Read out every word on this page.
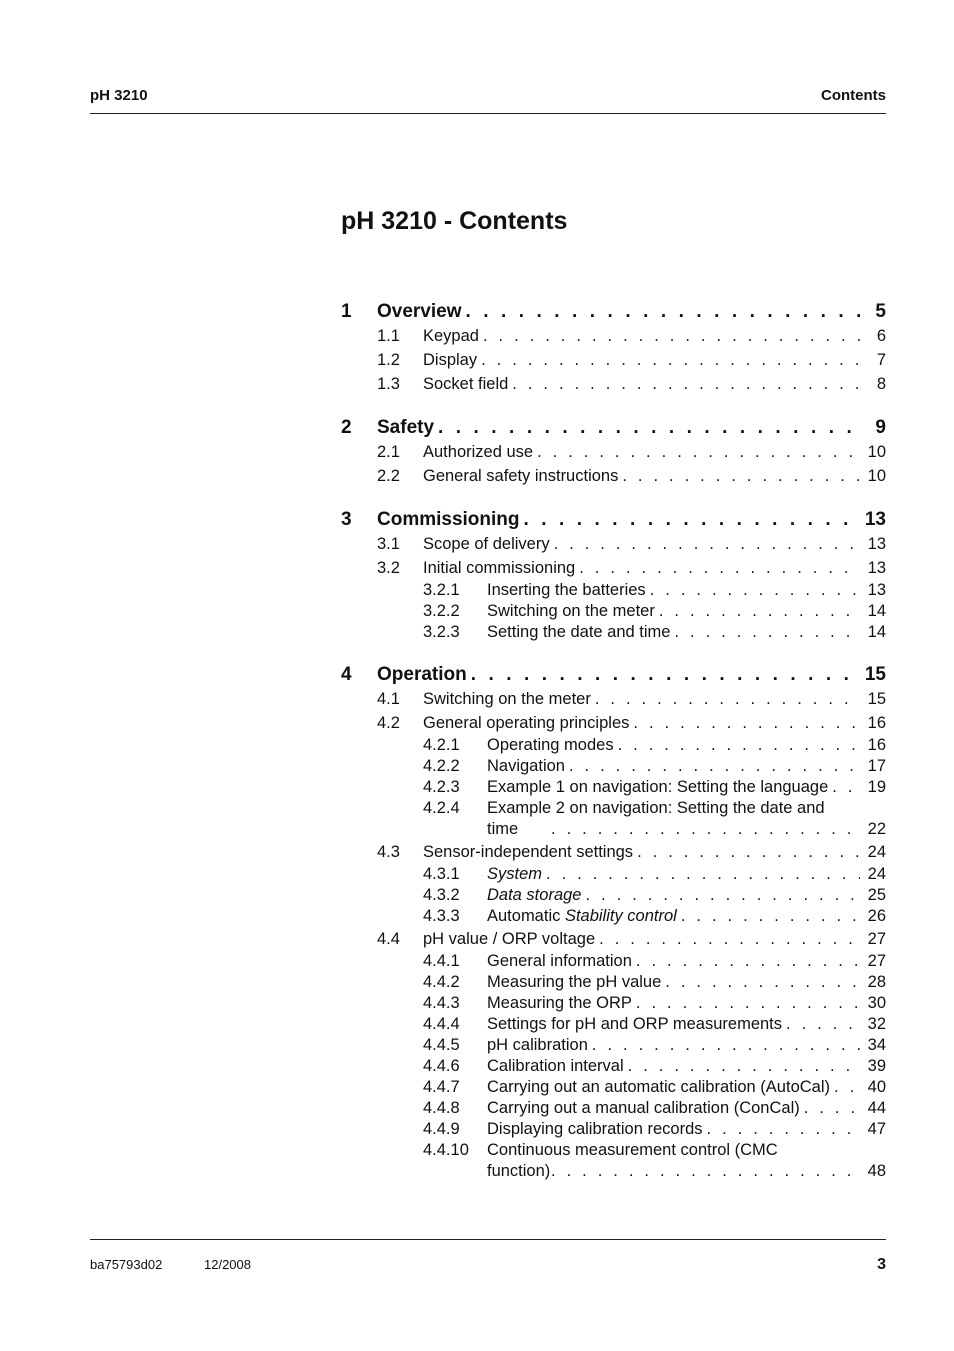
pH 3210	Contents
pH 3210 - Contents
1	Overview . . .	5
1.1	Keypad . . .	6
1.2	Display . . .	7
1.3	Socket field . . .	8
2	Safety . . .	9
2.1	Authorized use . . .	10
2.2	General safety instructions . . .	10
3	Commissioning . . .	13
3.1	Scope of delivery . . .	13
3.2	Initial commissioning . . .	13
3.2.1	Inserting the batteries . . .	13
3.2.2	Switching on the meter . . .	14
3.2.3	Setting the date and time . . .	14
4	Operation . . .	15
4.1	Switching on the meter . . .	15
4.2	General operating principles . . .	16
4.2.1	Operating modes . . .	16
4.2.2	Navigation . . .	17
4.2.3	Example 1 on navigation: Setting the language . . . 19
4.2.4	Example 2 on navigation: Setting the date and
time . . .	22
4.3	Sensor-independent settings . . .	24
4.3.1	System . . .	24
4.3.2	Data storage . . .	25
4.3.3	Automatic Stability control . . .	26
4.4	pH value / ORP voltage . . .	27
4.4.1	General information . . .	27
4.4.2	Measuring the pH value . . .	28
4.4.3	Measuring the ORP . . .	30
4.4.4	Settings for pH and ORP measurements . . .	32
4.4.5	pH calibration . . .	34
4.4.6	Calibration interval . . .	39
4.4.7	Carrying out an automatic calibration (AutoCal) . . . 40
4.4.8	Carrying out a manual calibration (ConCal) . . .	44
4.4.9	Displaying calibration records . . .	47
4.4.10	Continuous measurement control (CMC
function) . . .	48
ba75793d02	12/2008	3
